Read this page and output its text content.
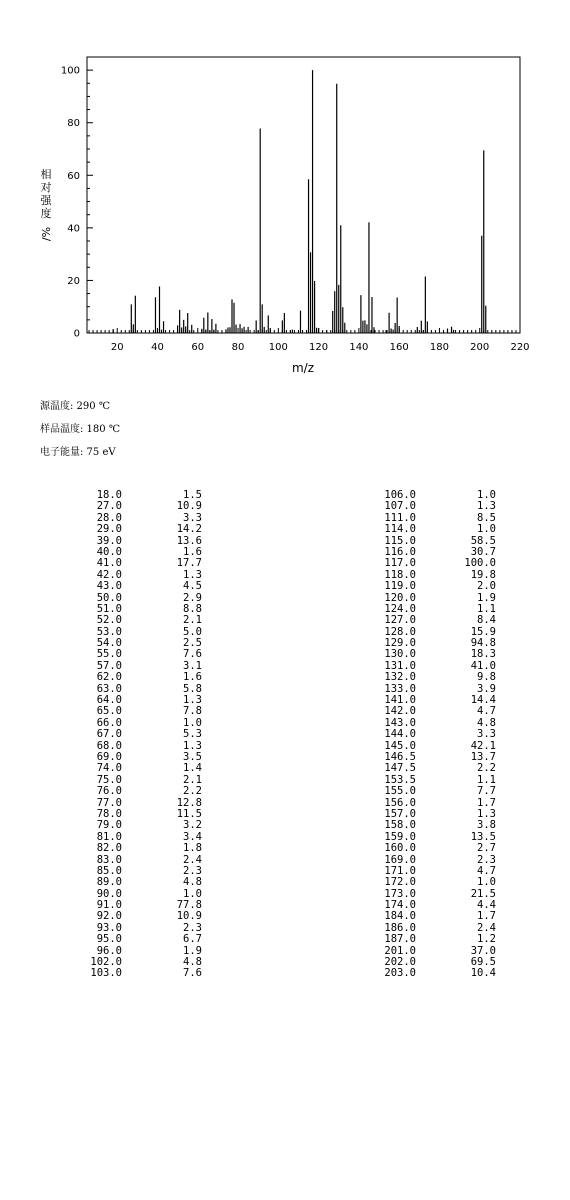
0
20
40
60
80
100
20	40	60	80 100 120 140 160 180 200 220
m/z
相
对
强
度
/%
源温度: 290 ℃
样品温度: 180 ℃
电子能量: 75 eV
18.0	1.5
27.0	10.9
28.0	3.3
29.0	14.2
39.0	13.6
40.0	1.6
41.0	17.7
42.0	1.3
43.0	4.5
50.0	2.9
51.0	8.8
52.0	2.1
53.0	5.0
54.0	2.5
55.0	7.6
57.0	3.1
62.0	1.6
63.0	5.8
64.0	1.3
65.0	7.8
66.0	1.0
67.0	5.3
68.0	1.3
69.0	3.5
74.0	1.4
75.0	2.1
76.0	2.2
77.0	12.8
78.0	11.5
79.0	3.2
81.0	3.4
82.0	1.8
83.0	2.4
85.0	2.3
89.0	4.8
90.0	1.0
91.0	77.8
92.0	10.9
93.0	2.3
95.0	6.7
96.0	1.9
102.0	4.8
103.0	7.6
106.0	1.0
107.0	1.3
111.0	8.5
114.0	1.0
115.0	58.5
116.0	30.7
117.0	100.0
118.0	19.8
119.0	2.0
120.0	1.9
124.0	1.1
127.0	8.4
128.0	15.9
129.0	94.8
130.0	18.3
131.0	41.0
132.0	9.8
133.0	3.9
141.0	14.4
142.0	4.7
143.0	4.8
144.0	3.3
145.0	42.1
146.5	13.7
147.5	2.2
153.5	1.1
155.0	7.7
156.0	1.7
157.0	1.3
158.0	3.8
159.0	13.5
160.0	2.7
169.0	2.3
171.0	4.7
172.0	1.0
173.0	21.5
174.0	4.4
184.0	1.7
186.0	2.4
187.0	1.2
201.0	37.0
202.0	69.5
203.0	10.4
